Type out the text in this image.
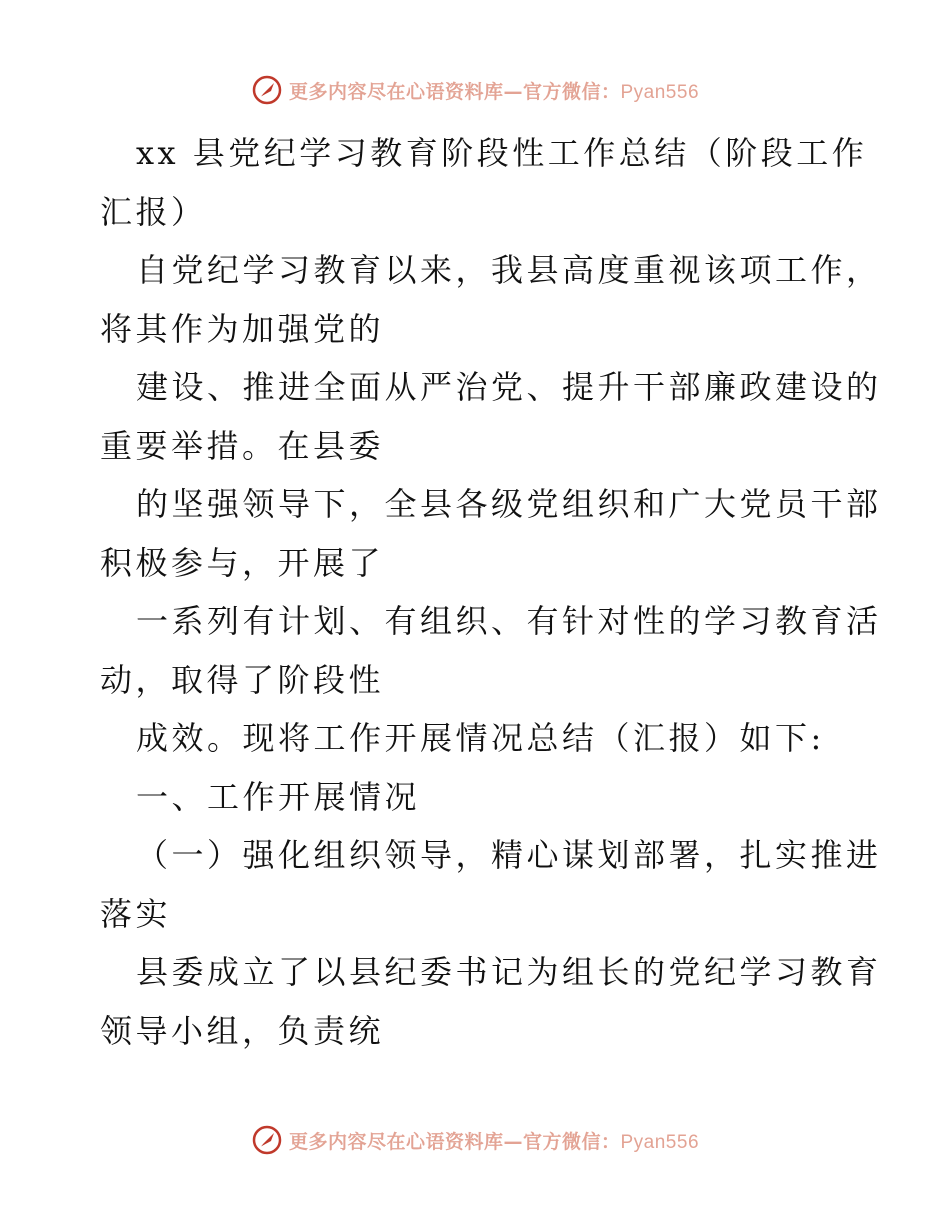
更多内容尽在心语资料库—官方微信：Pyan556
xx 县党纪学习教育阶段性工作总结（阶段工作
汇报）
自党纪学习教育以来，我县高度重视该项工作，
将其作为加强党的
建设、推进全面从严治党、提升干部廉政建设的
重要举措。在县委
的坚强领导下，全县各级党组织和广大党员干部
积极参与，开展了
一系列有计划、有组织、有针对性的学习教育活
动，取得了阶段性
成效。现将工作开展情况总结（汇报）如下:
一、工作开展情况
（一）强化组织领导，精心谋划部署，扎实推进
落实
县委成立了以县纪委书记为组长的党纪学习教育
领导小组，负责统
更多内容尽在心语资料库—官方微信：Pyan556
